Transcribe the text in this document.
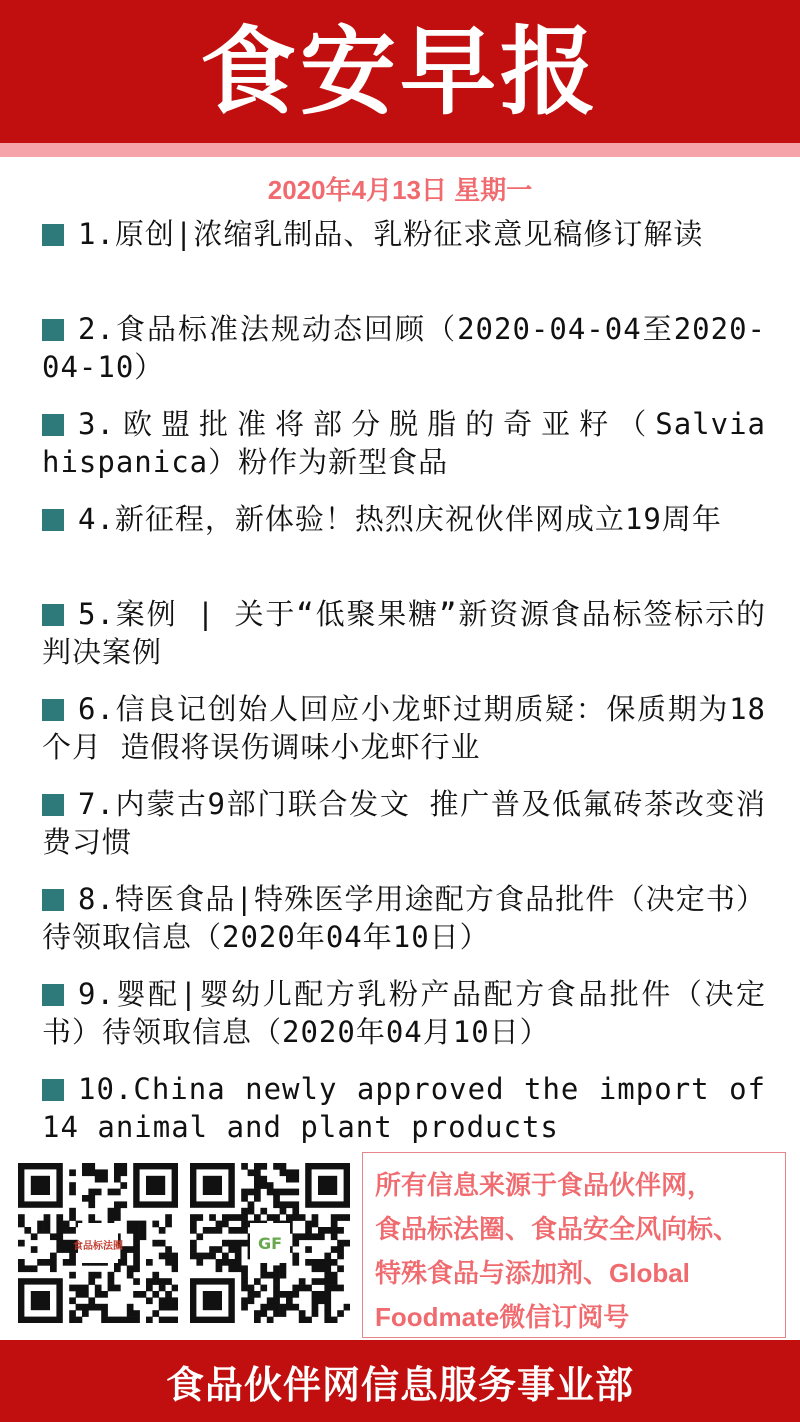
食安早报
2020年4月13日 星期一
1.原创|浓缩乳制品、乳粉征求意见稿修订解读
2.食品标准法规动态回顾（2020-04-04至2020-04-10）
3.欧盟批准将部分脱脂的奇亚籽（Salvia hispanica）粉作为新型食品
4.新征程，新体验！热烈庆祝伙伴网成立19周年
5.案例 | 关于“低聚果糖”新资源食品标签标示的判决案例
6.信良记创始人回应小龙虾过期质疑：保质期为18个月 造假将误伤调味小龙虾行业
7.内蒙古9部门联合发文 推广普及低氟砖茶改变消费习惯
8.特医食品|特殊医学用途配方食品批件（决定书）待领取信息（2020年04年10日）
9.婴配|婴幼儿配方乳粉产品配方食品批件（决定书）待领取信息（2020年04月10日）
10.China newly approved the import of 14 animal and plant products
食品标法圈	GF
所有信息来源于食品伙伴网，
食品标法圈、食品安全风向标、
特殊食品与添加剂、Global
Foodmate微信订阅号
食品伙伴网信息服务事业部
